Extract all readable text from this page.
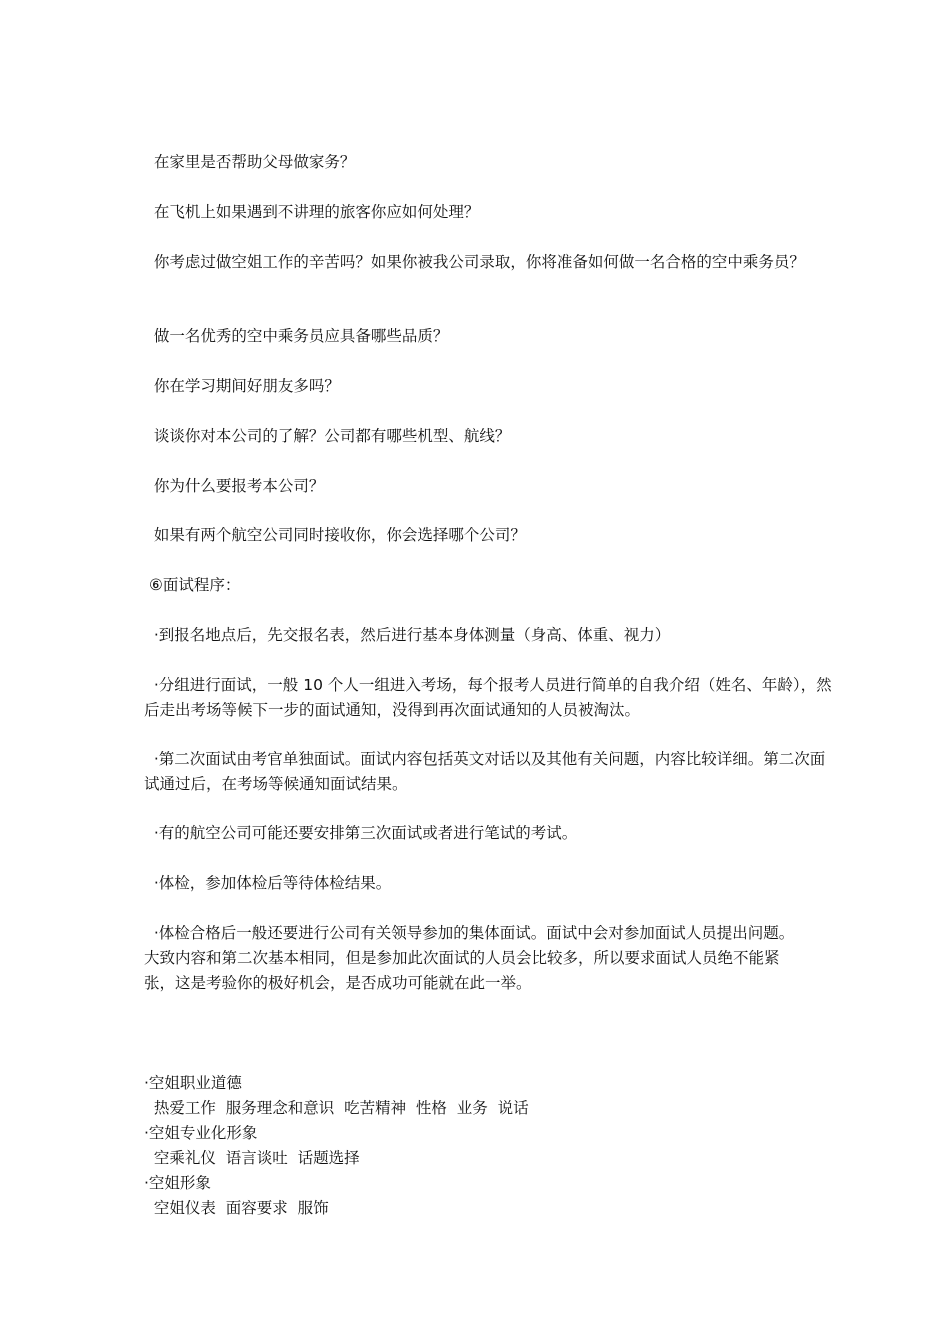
在家里是否帮助父母做家务？

在飞机上如果遇到不讲理的旅客你应如何处理？

你考虑过做空姐工作的辛苦吗？如果你被我公司录取，你将准备如何做一名合格的空中乘务员？

做一名优秀的空中乘务员应具备哪些品质？

你在学习期间好朋友多吗？

谈谈你对本公司的了解？公司都有哪些机型、航线？

你为什么要报考本公司？

如果有两个航空公司同时接收你，你会选择哪个公司？

⑥面试程序：

·到报名地点后，先交报名表，然后进行基本身体测量（身高、体重、视力）

·分组进行面试，一般 10 个人一组进入考场，每个报考人员进行简单的自我介绍（姓名、年龄），然后走出考场等候下一步的面试通知，没得到再次面试通知的人员被淘汰。

·第二次面试由考官单独面试。面试内容包括英文对话以及其他有关问题，内容比较详细。第二次面试通过后，在考场等候通知面试结果。

·有的航空公司可能还要安排第三次面试或者进行笔试的考试。

·体检，参加体检后等待体检结果。

·体检合格后一般还要进行公司有关领导参加的集体面试。面试中会对参加面试人员提出问题。大致内容和第二次基本相同，但是参加此次面试的人员会比较多，所以要求面试人员绝不能紧张，这是考验你的极好机会，是否成功可能就在此一举。

·空姐职业道德

热爱工作  服务理念和意识  吃苦精神  性格  业务  说话

·空姐专业化形象

空乘礼仪  语言谈吐  话题选择

·空姐形象

空姐仪表  面容要求  服饰
